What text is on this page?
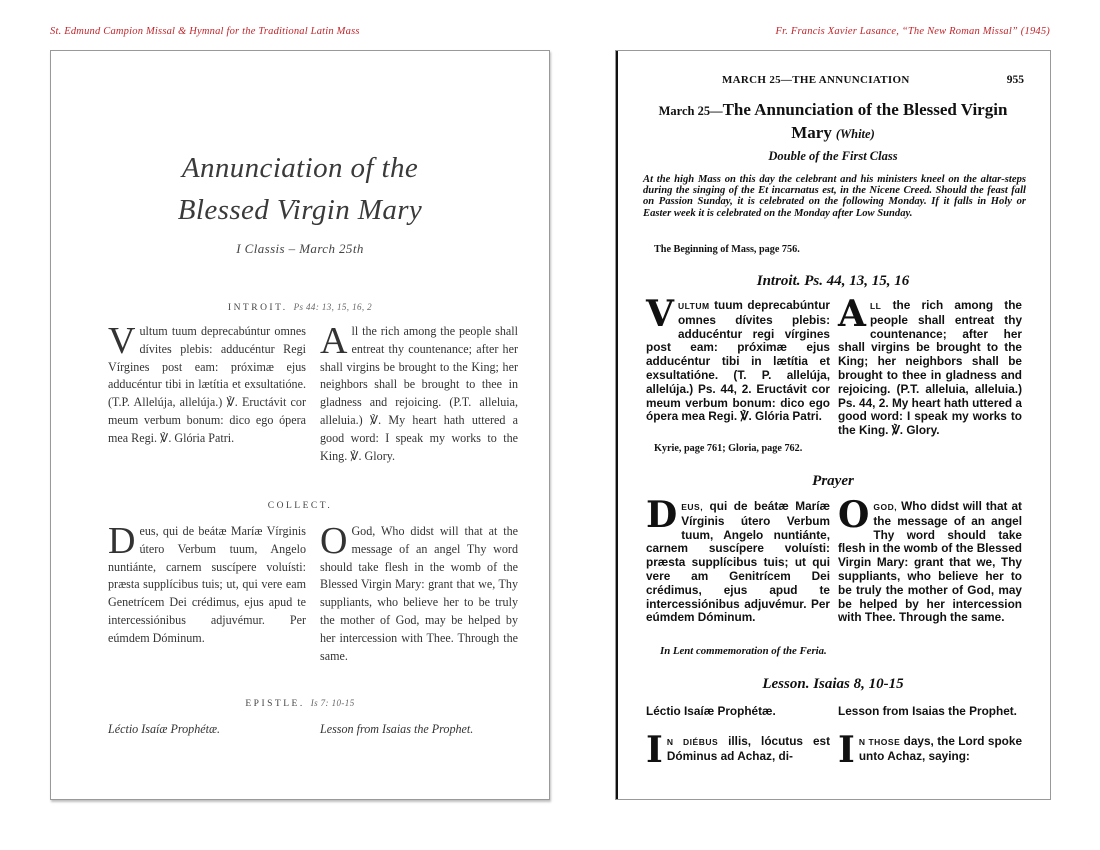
St. Edmund Campion Missal & Hymnal for the Traditional Latin Mass	Fr. Francis Xavier Lasance, “The New Roman Missal” (1945)
Annunciation of the
Blessed Virgin Mary
I Classis – March 25th
INTROIT. Ps 44: 13, 15, 16, 2
Vultum tuum deprecabúntur omnes dívites plebis: adducéntur Regi Vírgines post eam: próximæ ejus adducéntur tibi in lætítia et exsultatióne. (T.P. Allelúja, allelúja.) ℣. Eructávit cor meum verbum bonum: dico ego ópera mea Regi. ℣. Glória Patri.
All the rich among the people shall entreat thy countenance; after her shall virgins be brought to the King; her neighbors shall be brought to thee in gladness and rejoicing. (P.T. alleluia, alleluia.) ℣. My heart hath uttered a good word: I speak my works to the King. ℣. Glory.
COLLECT.
Deus, qui de beátæ Maríæ Vírginis útero Verbum tuum, Angelo nuntiánte, carnem suscípere voluísti: præsta supplícibus tuis; ut, qui vere eam Genetrícem Dei crédimus, ejus apud te intercessiónibus adjuvémur. Per eúmdem Dóminum.
O God, Who didst will that at the message of an angel Thy word should take flesh in the womb of the Blessed Virgin Mary: grant that we, Thy suppliants, who believe her to be truly the mother of God, may be helped by her intercession with Thee. Through the same.
EPISTLE. Is 7: 10-15
Léctio Isaíæ Prophétæ.	Lesson from Isaias the Prophet.
MARCH 25—THE ANNUNCIATION	955
March 25—The Annunciation of the Blessed Virgin Mary (White)
Double of the First Class
At the high Mass on this day the celebrant and his ministers kneel on the altar-steps during the singing of the Et incarnatus est, in the Nicene Creed. Should the feast fall on Passion Sunday, it is celebrated on the following Monday. If it falls in Holy or Easter week it is celebrated on the Monday after Low Sunday.
The Beginning of Mass, page 756.
Introit. Ps. 44, 13, 15, 16
VULTUM tuum deprecabúntur omnes dívites plebis: adducéntur regi vírgines post eam: próximæ ejus adducéntur tibi in lætítia et exsultatióne. (T. P. allelúja, allelúja.) Ps. 44, 2. Eructávit cor meum verbum bonum: dico ego ópera mea Regi. ℣. Glória Patri.
ALL the rich among the people shall entreat thy countenance; after her shall virgins be brought to the King; her neighbors shall be brought to thee in gladness and rejoicing. (P.T. alleluia, alleluia.) Ps. 44, 2. My heart hath uttered a good word: I speak my works to the King. ℣. Glory.
Kyrie, page 761; Gloria, page 762.
Prayer
DEUS, qui de beátæ Maríæ Vírginis útero Verbum tuum, Angelo nuntiánte, carnem suscípere voluísti: præsta supplícibus tuis; ut qui vere am Genitrícem Dei crédimus, ejus apud te intercessiónibus adjuvémur. Per eúmdem Dóminum.
OGOD, Who didst will that at the message of an angel Thy word should take flesh in the womb of the Blessed Virgin Mary: grant that we, Thy suppliants, who believe her to be truly the mother of God, may be helped by her intercession with Thee. Through the same.
In Lent commemoration of the Feria.
Lesson. Isaias 8, 10-15
Léctio Isaíæ Prophétæ.	Lesson from Isaias the Prophet.
I N DIÉBUS illis, lócutus est Dóminus ad Achaz, di-	I N THOSE days, the Lord spoke unto Achaz, saying:
